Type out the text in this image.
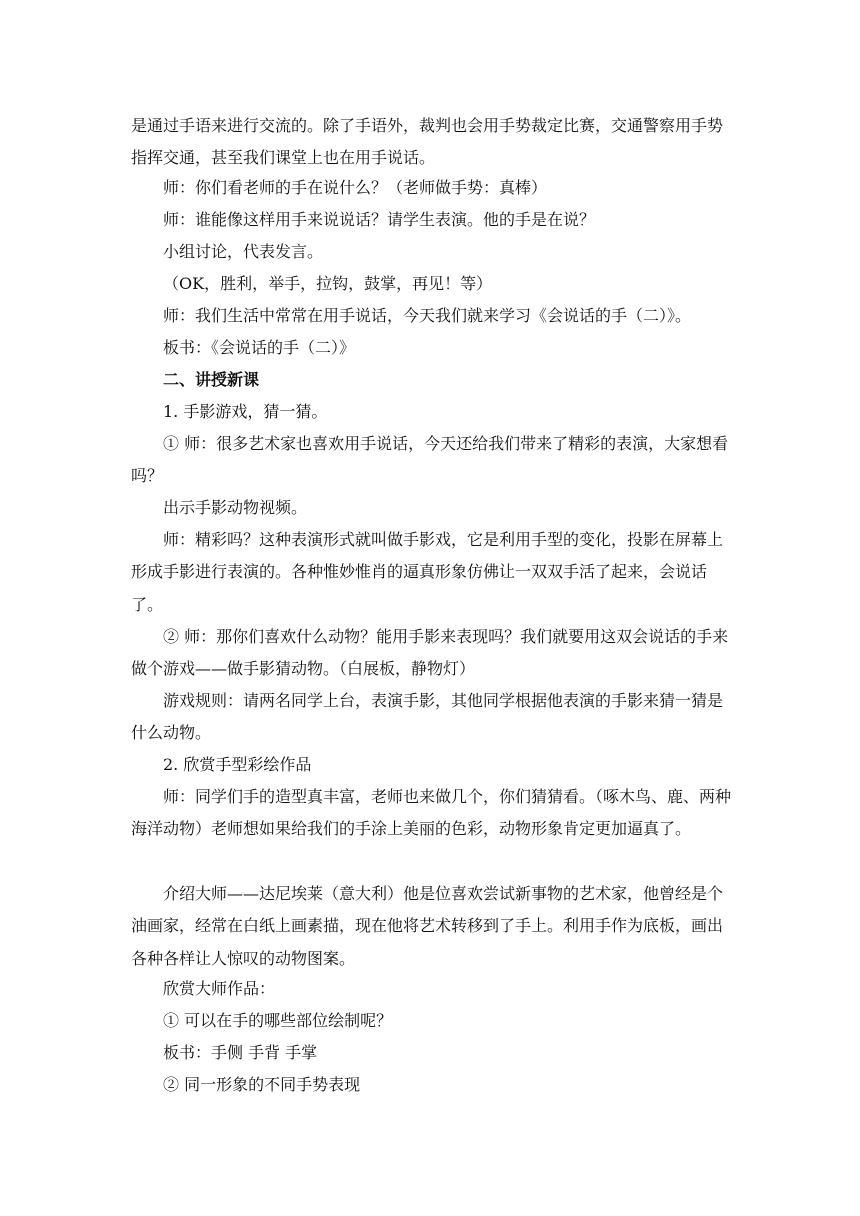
是通过手语来进行交流的。除了手语外，裁判也会用手势裁定比赛，交通警察用手势指挥交通，甚至我们课堂上也在用手说话。

师：你们看老师的手在说什么？（老师做手势：真棒）

师：谁能像这样用手来说说话？请学生表演。他的手是在说？

小组讨论，代表发言。

（OK，胜利，举手，拉钩，鼓掌，再见！等）

师：我们生活中常常在用手说话，今天我们就来学习《会说话的手（二）》。

板书：《会说话的手（二）》

二、讲授新课

1. 手影游戏，猜一猜。

① 师：很多艺术家也喜欢用手说话，今天还给我们带来了精彩的表演，大家想看吗？

出示手影动物视频。

师：精彩吗？这种表演形式就叫做手影戏，它是利用手型的变化，投影在屏幕上形成手影进行表演的。各种惟妙惟肖的逼真形象仿佛让一双双手活了起来，会说话了。

② 师：那你们喜欢什么动物？能用手影来表现吗？我们就要用这双会说话的手来做个游戏——做手影猜动物。（白展板，静物灯）

游戏规则：请两名同学上台，表演手影，其他同学根据他表演的手影来猜一猜是什么动物。

2. 欣赏手型彩绘作品

师：同学们手的造型真丰富，老师也来做几个，你们猜猜看。（啄木鸟、鹿、两种海洋动物）老师想如果给我们的手涂上美丽的色彩，动物形象肯定更加逼真了。

介绍大师——达尼埃莱（意大利）他是位喜欢尝试新事物的艺术家，他曾经是个油画家，经常在白纸上画素描，现在他将艺术转移到了手上。利用手作为底板，画出各种各样让人惊叹的动物图案。

欣赏大师作品：

① 可以在手的哪些部位绘制呢？

板书：手侧 手背 手掌

② 同一形象的不同手势表现
